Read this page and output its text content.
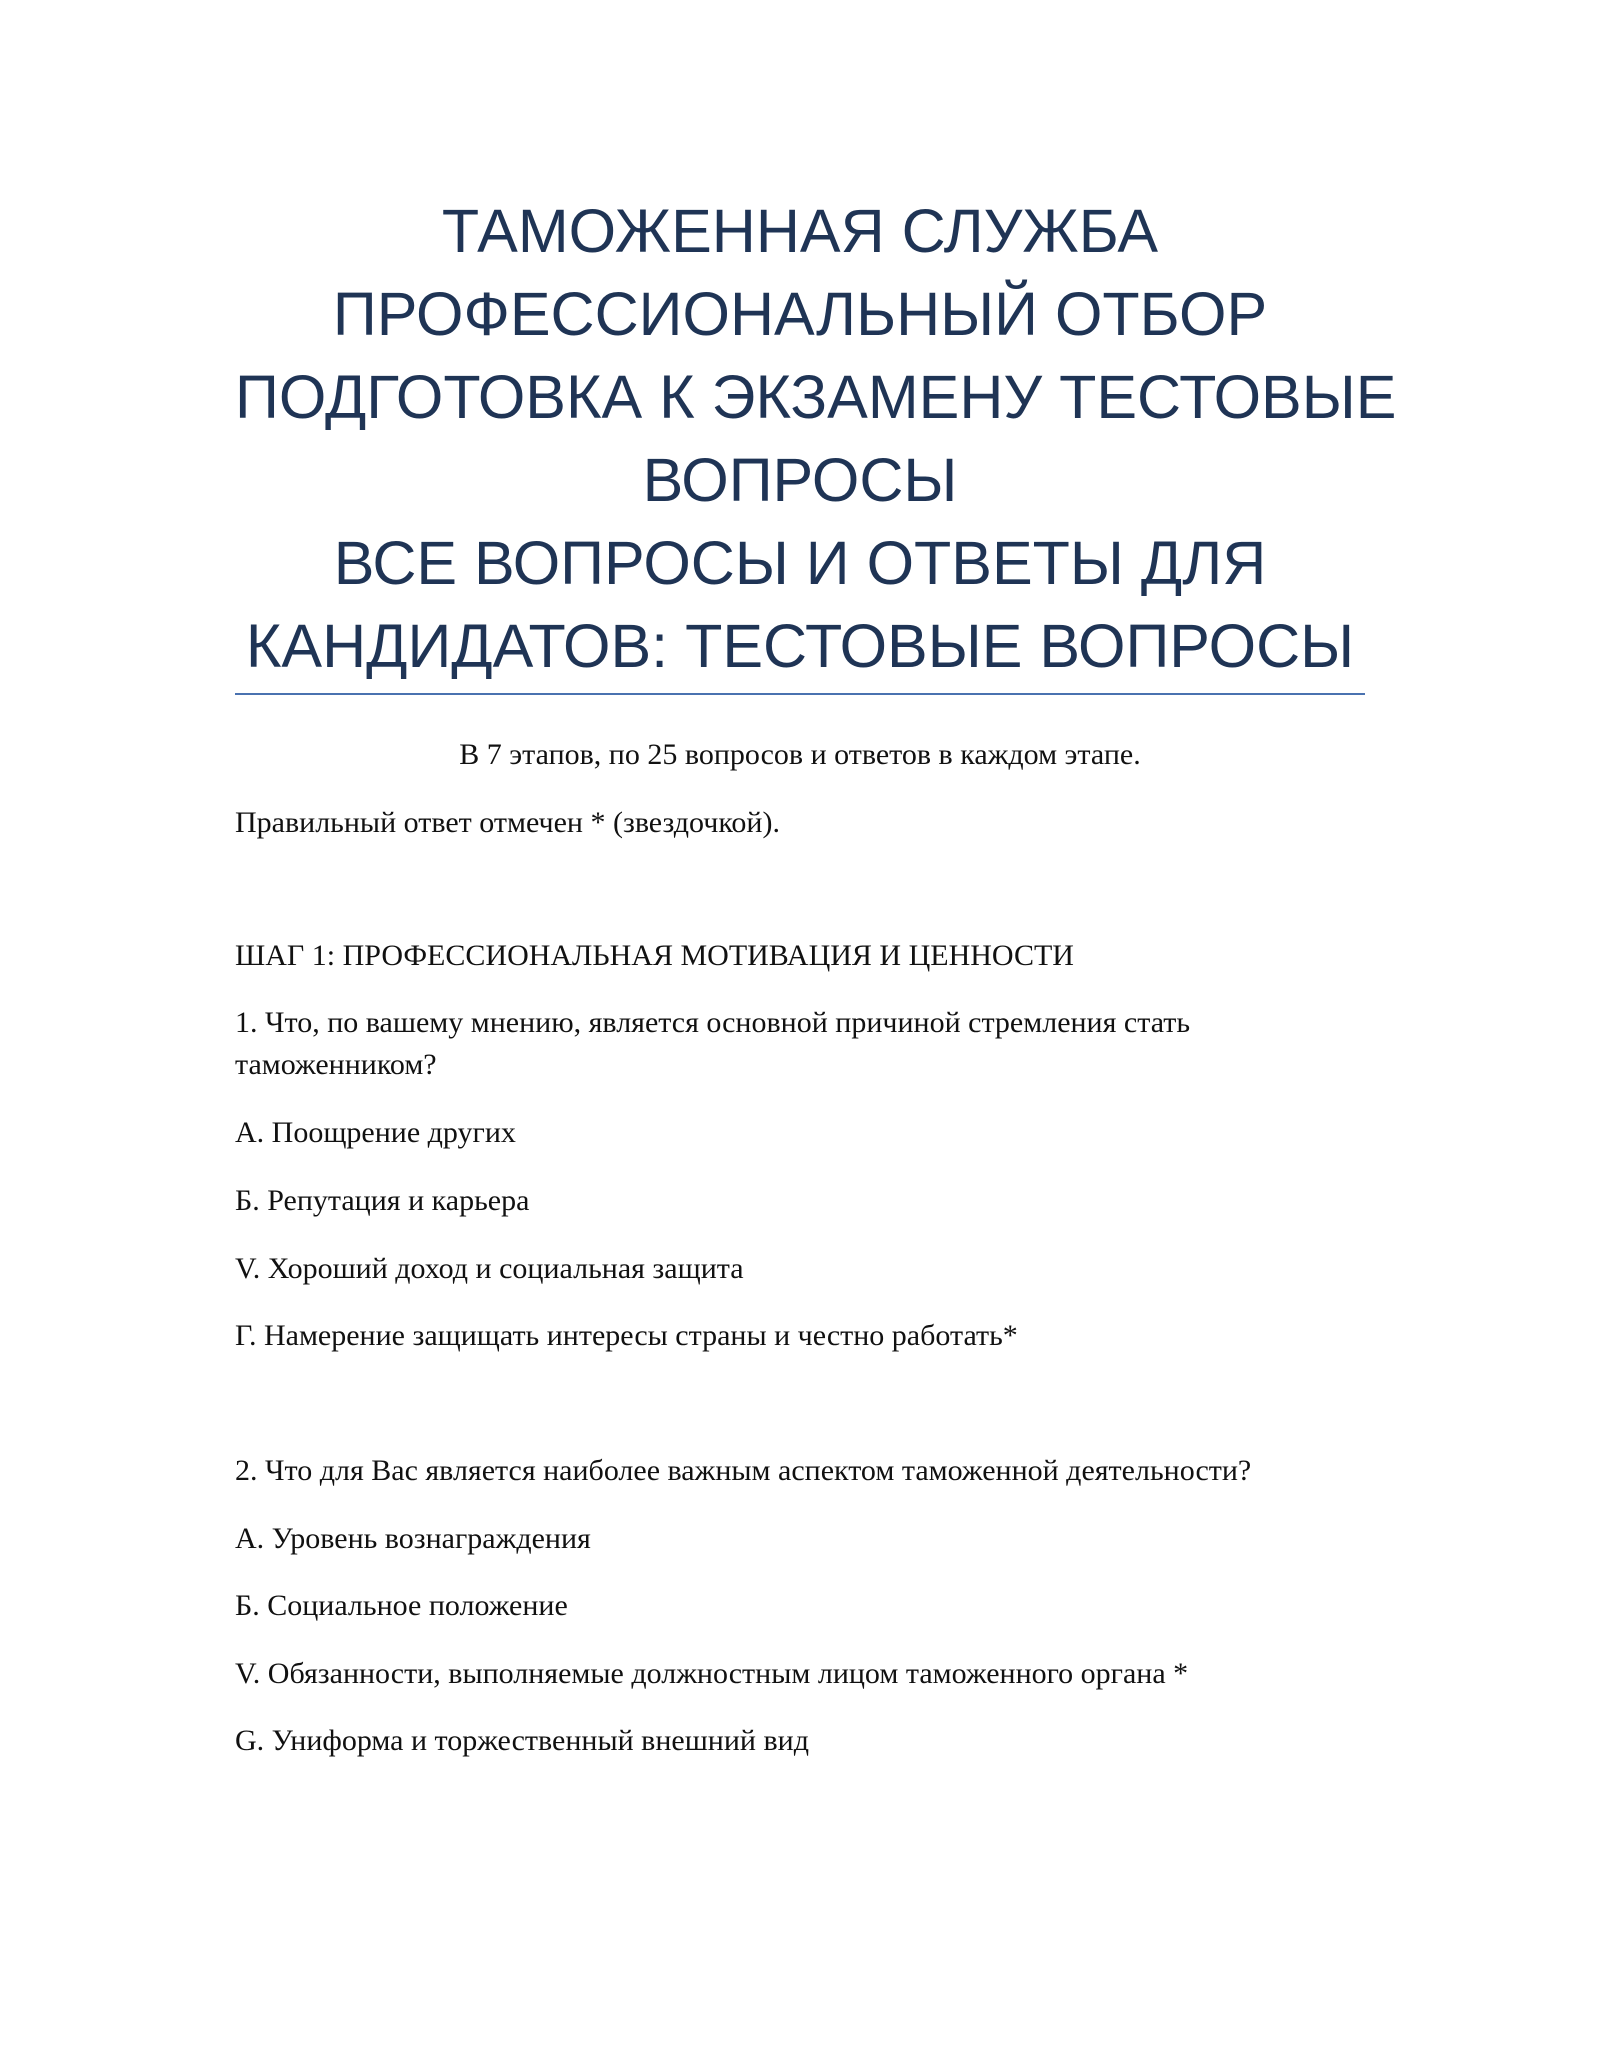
ТАМОЖЕННАЯ СЛУЖБА
ПРОФЕССИОНАЛЬНЫЙ ОТБОР
ПОДГОТОВКА К ЭКЗАМЕНУ ТЕСТОВЫЕ
ВОПРОСЫ
ВСЕ ВОПРОСЫ И ОТВЕТЫ ДЛЯ
КАНДИДАТОВ: ТЕСТОВЫЕ ВОПРОСЫ
В 7 этапов, по 25 вопросов и ответов в каждом этапе.
Правильный ответ отмечен * (звездочкой).
ШАГ 1: ПРОФЕССИОНАЛЬНАЯ МОТИВАЦИЯ И ЦЕННОСТИ
1. Что, по вашему мнению, является основной причиной стремления стать таможенником?
A. Поощрение других
Б. Репутация и карьера
V. Хороший доход и социальная защита
Г. Намерение защищать интересы страны и честно работать*
2. Что для Вас является наиболее важным аспектом таможенной деятельности?
A. Уровень вознаграждения
Б. Социальное положение
V. Обязанности, выполняемые должностным лицом таможенного органа *
G. Униформа и торжественный внешний вид
